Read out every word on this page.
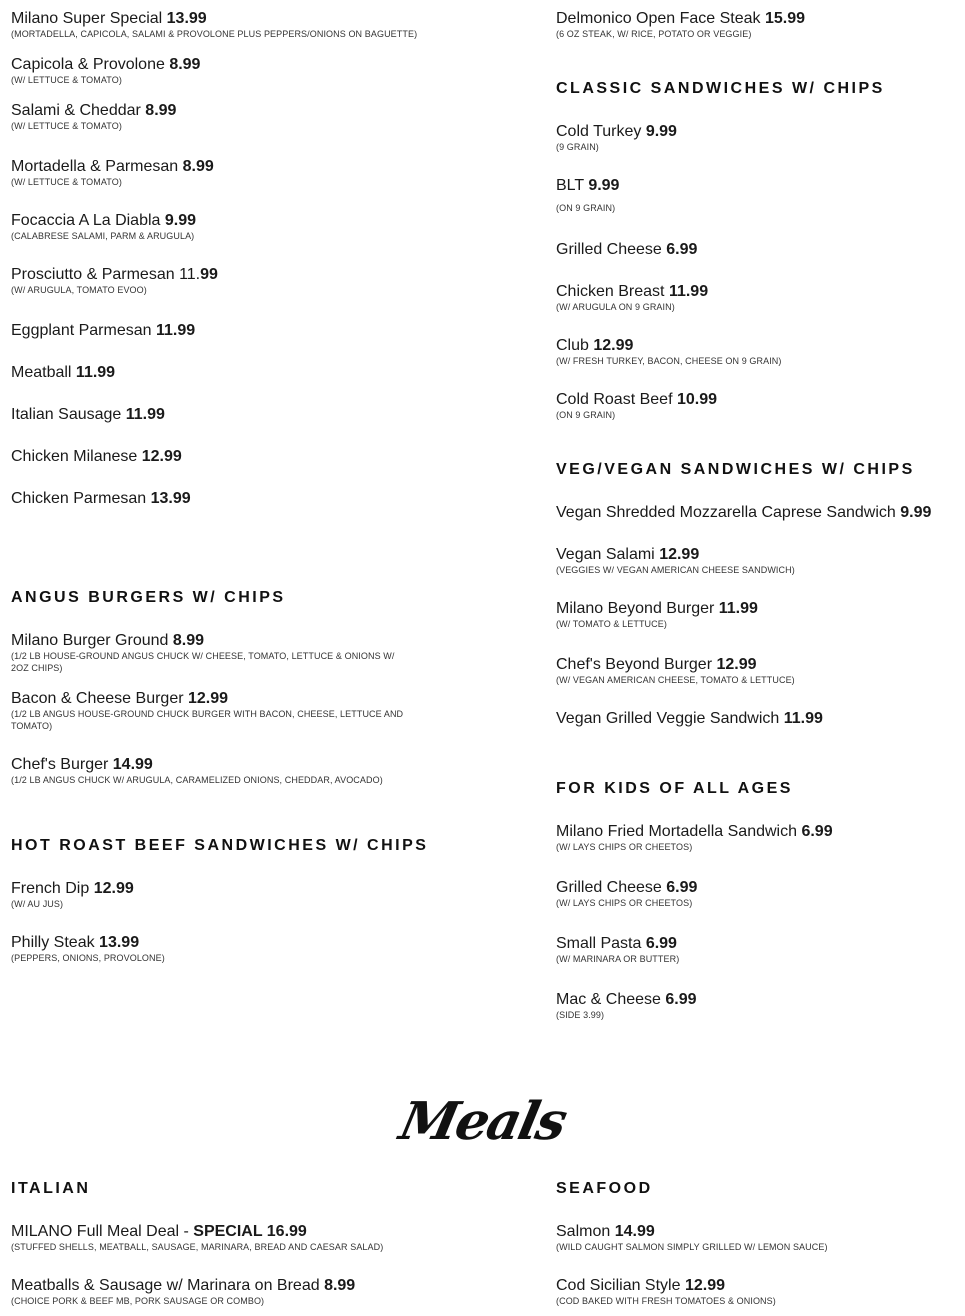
Milano Super Special 13.99
(MORTADELLA, CAPICOLA, SALAMI & PROVOLONE PLUS PEPPERS/ONIONS ON BAGUETTE)
Capicola & Provolone 8.99
(W/ LETTUCE & TOMATO)
Salami & Cheddar 8.99
(W/ LETTUCE & TOMATO)
Mortadella & Parmesan 8.99
(W/ LETTUCE & TOMATO)
Focaccia A La Diabla 9.99
(CALABRESE SALAMI, PARM & ARUGULA)
Prosciutto & Parmesan 11.99
(W/ ARUGULA, TOMATO EVOO)
Eggplant Parmesan 11.99
Meatball 11.99
Italian Sausage 11.99
Chicken Milanese 12.99
Chicken Parmesan 13.99
ANGUS BURGERS W/ CHIPS
Milano Burger Ground 8.99
(1/2 LB HOUSE-GROUND ANGUS CHUCK W/ CHEESE, TOMATO, LETTUCE & ONIONS W/ 2OZ CHIPS)
Bacon & Cheese Burger 12.99
(1/2 LB ANGUS HOUSE-GROUND CHUCK BURGER WITH BACON, CHEESE, LETTUCE AND TOMATO)
Chef's Burger 14.99
(1/2 LB ANGUS CHUCK W/ ARUGULA, CARAMELIZED ONIONS, CHEDDAR, AVOCADO)
HOT ROAST BEEF SANDWICHES W/ CHIPS
French Dip 12.99
(W/ AU JUS)
Philly Steak 13.99
(PEPPERS, ONIONS, PROVOLONE)
ITALIAN
MILANO Full Meal Deal - SPECIAL 16.99
(STUFFED SHELLS, MEATBALL, SAUSAGE, MARINARA, BREAD AND CAESAR SALAD)
Meatballs & Sausage w/ Marinara on Bread 8.99
(CHOICE PORK & BEEF MB, PORK SAUSAGE OR COMBO)
Delmonico Open Face Steak 15.99
(6 OZ STEAK, W/ RICE, POTATO OR VEGGIE)
CLASSIC SANDWICHES W/ CHIPS
Cold Turkey 9.99
(9 GRAIN)
BLT 9.99
(ON 9 GRAIN)
Grilled Cheese 6.99
Chicken Breast 11.99
(W/ ARUGULA ON 9 GRAIN)
Club 12.99
(W/ FRESH TURKEY, BACON, CHEESE ON 9 GRAIN)
Cold Roast Beef 10.99
(ON 9 GRAIN)
VEG/VEGAN SANDWICHES W/ CHIPS
Vegan Shredded Mozzarella Caprese Sandwich 9.99
Vegan Salami 12.99
(VEGGIES W/ VEGAN AMERICAN CHEESE SANDWICH)
Milano Beyond Burger 11.99
(W/ TOMATO & LETTUCE)
Chef's Beyond Burger 12.99
(W/ VEGAN AMERICAN CHEESE, TOMATO & LETTUCE)
Vegan Grilled Veggie Sandwich 11.99
FOR KIDS OF ALL AGES
Milano Fried Mortadella Sandwich 6.99
(W/ LAYS CHIPS OR CHEETOS)
Grilled Cheese 6.99
(W/ LAYS CHIPS OR CHEETOS)
Small Pasta 6.99
(W/ MARINARA OR BUTTER)
Mac & Cheese 6.99
(SIDE 3.99)
SEAFOOD
Salmon 14.99
(WILD CAUGHT SALMON SIMPLY GRILLED W/ LEMON SAUCE)
Cod Sicilian Style 12.99
(COD BAKED WITH FRESH TOMATOES & ONIONS)
Meals
